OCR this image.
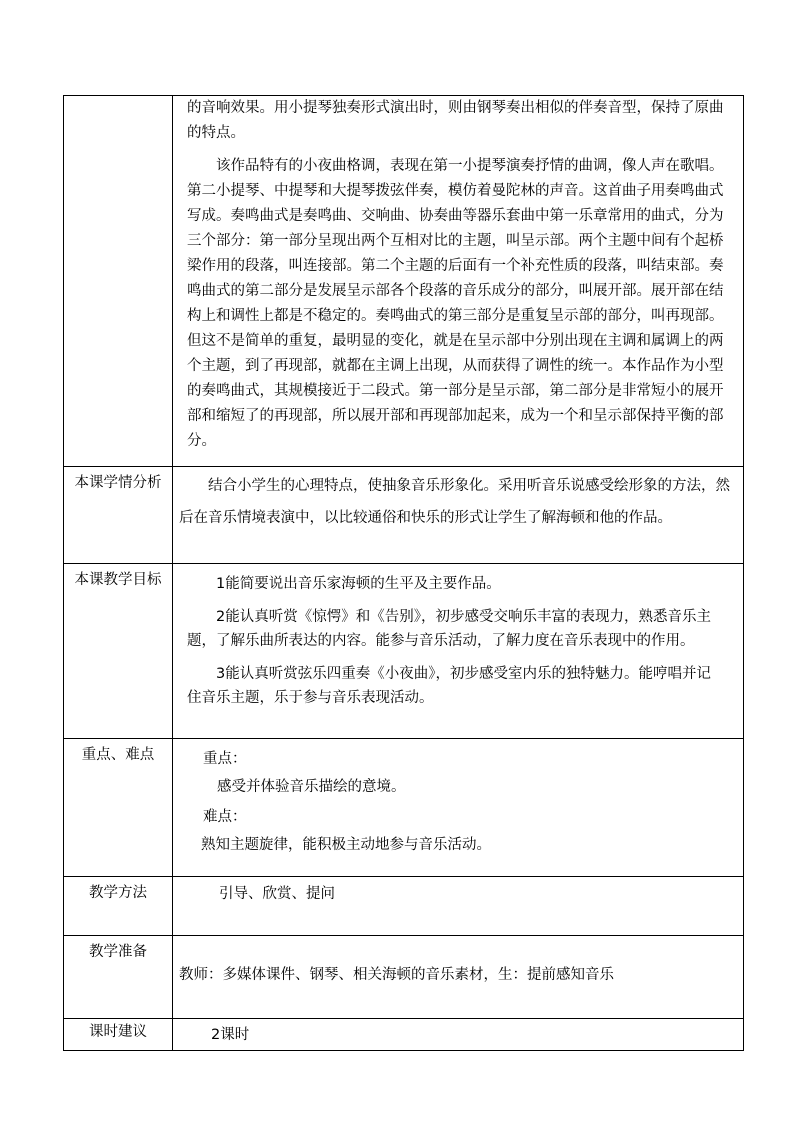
	的音响效果。用小提琴独奏形式演出时，则由钢琴奏出相似的伴奏音型，保持了原曲的特点。

该作品特有的小夜曲格调，表现在第一小提琴演奏抒情的曲调，像人声在歌唱。第二小提琴、中提琴和大提琴拨弦伴奏，模仿着曼陀林的声音。这首曲子用奏鸣曲式写成。奏鸣曲式是奏鸣曲、交响曲、协奏曲等器乐套曲中第一乐章常用的曲式，分为三个部分：第一部分呈现出两个互相对比的主题，叫呈示部。两个主题中间有个起桥梁作用的段落，叫连接部。第二个主题的后面有一个补充性质的段落，叫结束部。奏鸣曲式的第二部分是发展呈示部各个段落的音乐成分的部分，叫展开部。展开部在结构上和调性上都是不稳定的。奏鸣曲式的第三部分是重复呈示部的部分，叫再现部。但这不是简单的重复，最明显的变化，就是在呈示部中分别出现在主调和属调上的两个主题，到了再现部，就都在主调上出现，从而获得了调性的统一。本作品作为小型的奏鸣曲式，其规模接近于二段式。第一部分是呈示部，第二部分是非常短小的展开部和缩短了的再现部，所以展开部和再现部加起来，成为一个和呈示部保持平衡的部分。

本课学情分析	结合小学生的心理特点，使抽象音乐形象化。采用听音乐说感受绘形象的方法，然后在音乐情境表演中，以比较通俗和快乐的形式让学生了解海顿和他的作品。

本课教学目标	1能简要说出音乐家海顿的生平及主要作品。

2能认真听赏《惊愕》和《告别》，初步感受交响乐丰富的表现力，熟悉音乐主题，了解乐曲所表达的内容。能参与音乐活动，了解力度在音乐表现中的作用。

3能认真听赏弦乐四重奏《小夜曲》，初步感受室内乐的独特魅力。能哼唱并记住音乐主题，乐于参与音乐表现活动。

重点、难点	重点：

感受并体验音乐描绘的意境。

难点：

熟知主题旋律，能积极主动地参与音乐活动。

教学方法	引导、欣赏、提问

教学准备	教师：多媒体课件、钢琴、相关海顿的音乐素材，生：提前感知音乐

课时建议	2课时
